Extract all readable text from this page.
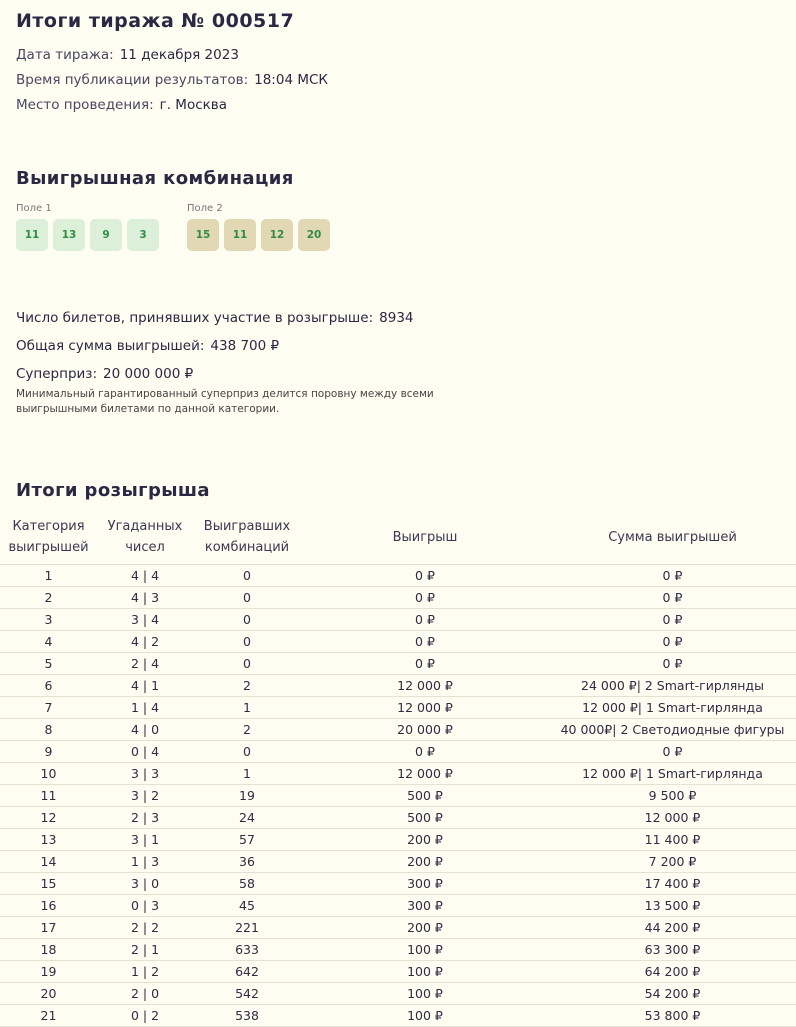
Итоги тиража № 000517
Дата тиража: 11 декабря 2023
Время публикации результатов: 18:04 МСК
Место проведения: г. Москва
Выигрышная комбинация
Поле 1
11	13	9	3
Поле 2
15	11	12	20
Число билетов, принявших участие в розыгрыше: 8934
Общая сумма выигрышей: 438 700 ₽
Суперприз: 20 000 000 ₽
Минимальный гарантированный суперприз делится поровну между всеми выигрышными билетами по данной категории.
Итоги розыгрыша
Категория выигрышей	Угаданных чисел	Выигравших комбинаций	Выигрыш	Сумма выигрышей
1	4 | 4	0	0 ₽	0 ₽
2	4 | 3	0	0 ₽	0 ₽
3	3 | 4	0	0 ₽	0 ₽
4	4 | 2	0	0 ₽	0 ₽
5	2 | 4	0	0 ₽	0 ₽
6	4 | 1	2	12 000 ₽	24 000 ₽| 2 Smart-гирлянды
7	1 | 4	1	12 000 ₽	12 000 ₽| 1 Smart-гирлянда
8	4 | 0	2	20 000 ₽	40 000₽| 2 Светодиодные фигуры
9	0 | 4	0	0 ₽	0 ₽
10	3 | 3	1	12 000 ₽	12 000 ₽| 1 Smart-гирлянда
11	3 | 2	19	500 ₽	9 500 ₽
12	2 | 3	24	500 ₽	12 000 ₽
13	3 | 1	57	200 ₽	11 400 ₽
14	1 | 3	36	200 ₽	7 200 ₽
15	3 | 0	58	300 ₽	17 400 ₽
16	0 | 3	45	300 ₽	13 500 ₽
17	2 | 2	221	200 ₽	44 200 ₽
18	2 | 1	633	100 ₽	63 300 ₽
19	1 | 2	642	100 ₽	64 200 ₽
20	2 | 0	542	100 ₽	54 200 ₽
21	0 | 2	538	100 ₽	53 800 ₽
